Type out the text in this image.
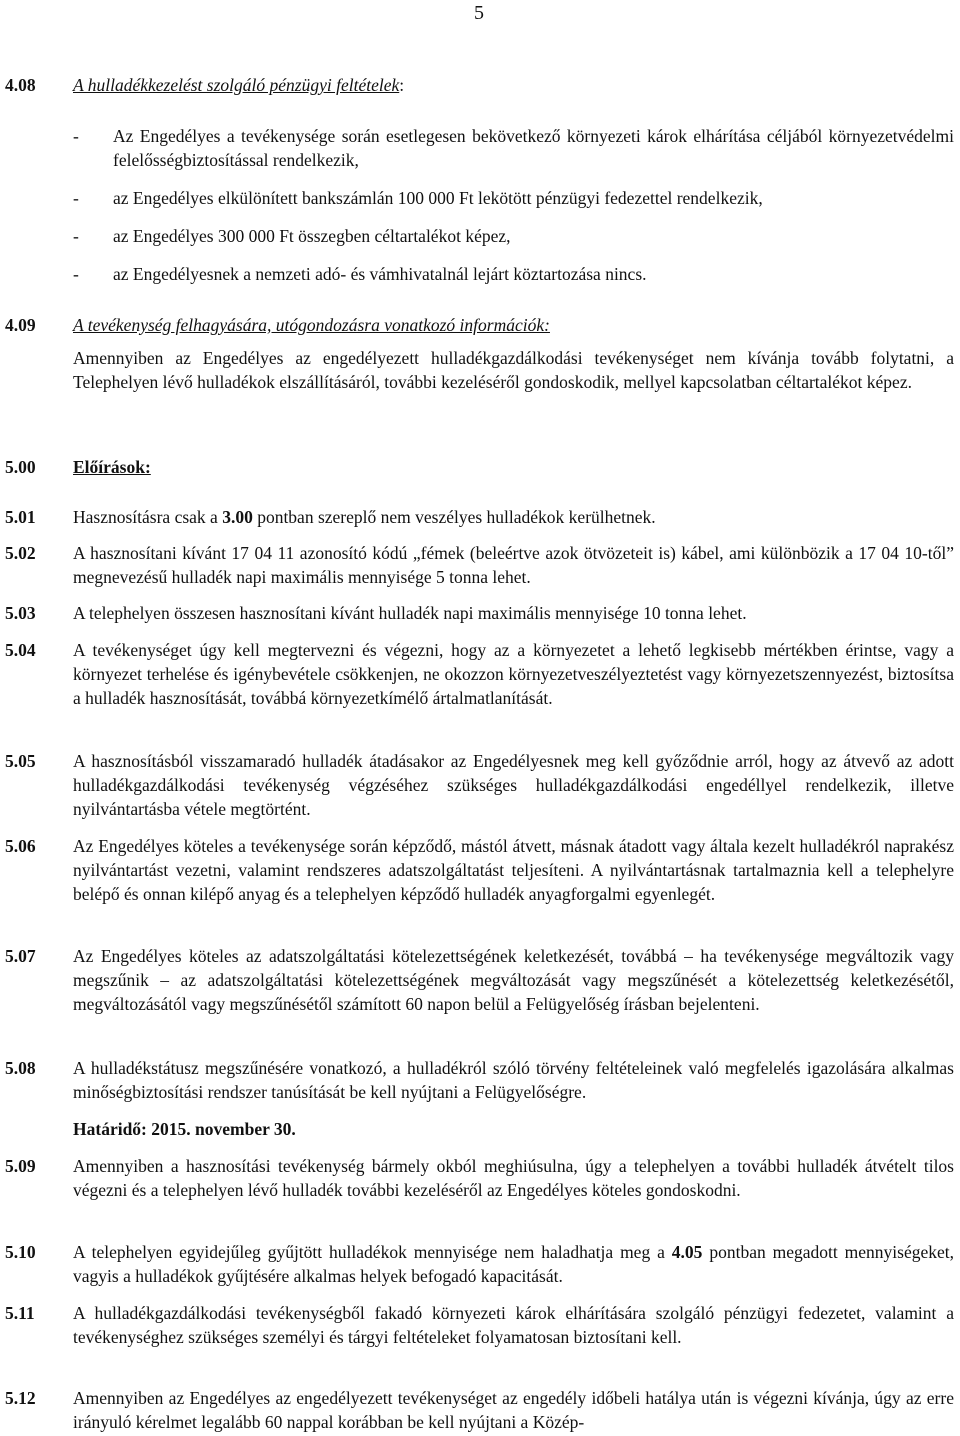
5
4.08 A hulladékkezelést szolgáló pénzügyi feltételek:
- Az Engedélyes a tevékenysége során esetlegesen bekövetkező környezeti károk elhárítása céljából környezetvédelmi felelősségbiztosítással rendelkezik,
- az Engedélyes elkülönített bankszámlán 100 000 Ft lekötött pénzügyi fedezettel rendelkezik,
- az Engedélyes 300 000 Ft összegben céltartalékot képez,
- az Engedélyesnek a nemzeti adó- és vámhivatalnál lejárt köztartozása nincs.
4.09 A tevékenység felhagyására, utógondozásra vonatkozó információk:
Amennyiben az Engedélyes az engedélyezett hulladékgazdálkodási tevékenységet nem kívánja tovább folytatni, a Telephelyen lévő hulladékok elszállításáról, további kezeléséről gondoskodik, mellyel kapcsolatban céltartalékot képez.
5.00 Előírások:
5.01 Hasznosításra csak a 3.00 pontban szereplő nem veszélyes hulladékok kerülhetnek.
5.02 A hasznosítani kívánt 17 04 11 azonosító kódú „fémek (beleértve azok ötvözeteit is) kábel, ami különbözik a 17 04 10-től” megnevezésű hulladék napi maximális mennyisége 5 tonna lehet.
5.03 A telephelyen összesen hasznosítani kívánt hulladék napi maximális mennyisége 10 tonna lehet.
5.04 A tevékenységet úgy kell megtervezni és végezni, hogy az a környezetet a lehető legkisebb mértékben érintse, vagy a környezet terhelése és igénybevétele csökkenjen, ne okozzon környezetveszélyeztetést vagy környezetszennyezést, biztosítsa a hulladék hasznosítását, továbbá környezetkímélő ártalmatlanítását.
5.05 A hasznosításból visszamaradó hulladék átadásakor az Engedélyesnek meg kell győződnie arról, hogy az átvevő az adott hulladékgazdálkodási tevékenység végzéséhez szükséges hulladékgazdálkodási engedéllyel rendelkezik, illetve nyilvántartásba vétele megtörtént.
5.06 Az Engedélyes köteles a tevékenysége során képződő, mástól átvett, másnak átadott vagy általa kezelt hulladékról naprakész nyilvántartást vezetni, valamint rendszeres adatszolgáltatást teljesíteni. A nyilvántartásnak tartalmaznia kell a telephelyre belépő és onnan kilépő anyag és a telephelyen képződő hulladék anyagforgalmi egyenlegét.
5.07 Az Engedélyes köteles az adatszolgáltatási kötelezettségének keletkezését, továbbá – ha tevékenysége megváltozik vagy megszűnik – az adatszolgáltatási kötelezettségének megváltozását vagy megszűnését a kötelezettség keletkezésétől, megváltozásától vagy megszűnésétől számított 60 napon belül a Felügyelőség írásban bejelenteni.
5.08 A hulladékstátusz megszűnésére vonatkozó, a hulladékról szóló törvény feltételeinek való megfelelés igazolására alkalmas minőségbiztosítási rendszer tanúsítását be kell nyújtani a Felügyelőségre.
Határidő: 2015. november 30.
5.09 Amennyiben a hasznosítási tevékenység bármely okból meghiúsulna, úgy a telephelyen a további hulladék átvételt tilos végezni és a telephelyen lévő hulladék további kezeléséről az Engedélyes köteles gondoskodni.
5.10 A telephelyen egyidejűleg gyűjtött hulladékok mennyisége nem haladhatja meg a 4.05 pontban megadott mennyiségeket, vagyis a hulladékok gyűjtésére alkalmas helyek befogadó kapacitását.
5.11 A hulladékgazdálkodási tevékenységből fakadó környezeti károk elhárítására szolgáló pénzügyi fedezetet, valamint a tevékenységhez szükséges személyi és tárgyi feltételeket folyamatosan biztosítani kell.
5.12 Amennyiben az Engedélyes az engedélyezett tevékenységet az engedély időbeli hatálya után is végezni kívánja, úgy az erre irányuló kérelmet legalább 60 nappal korábban be kell nyújtani a Közép-
